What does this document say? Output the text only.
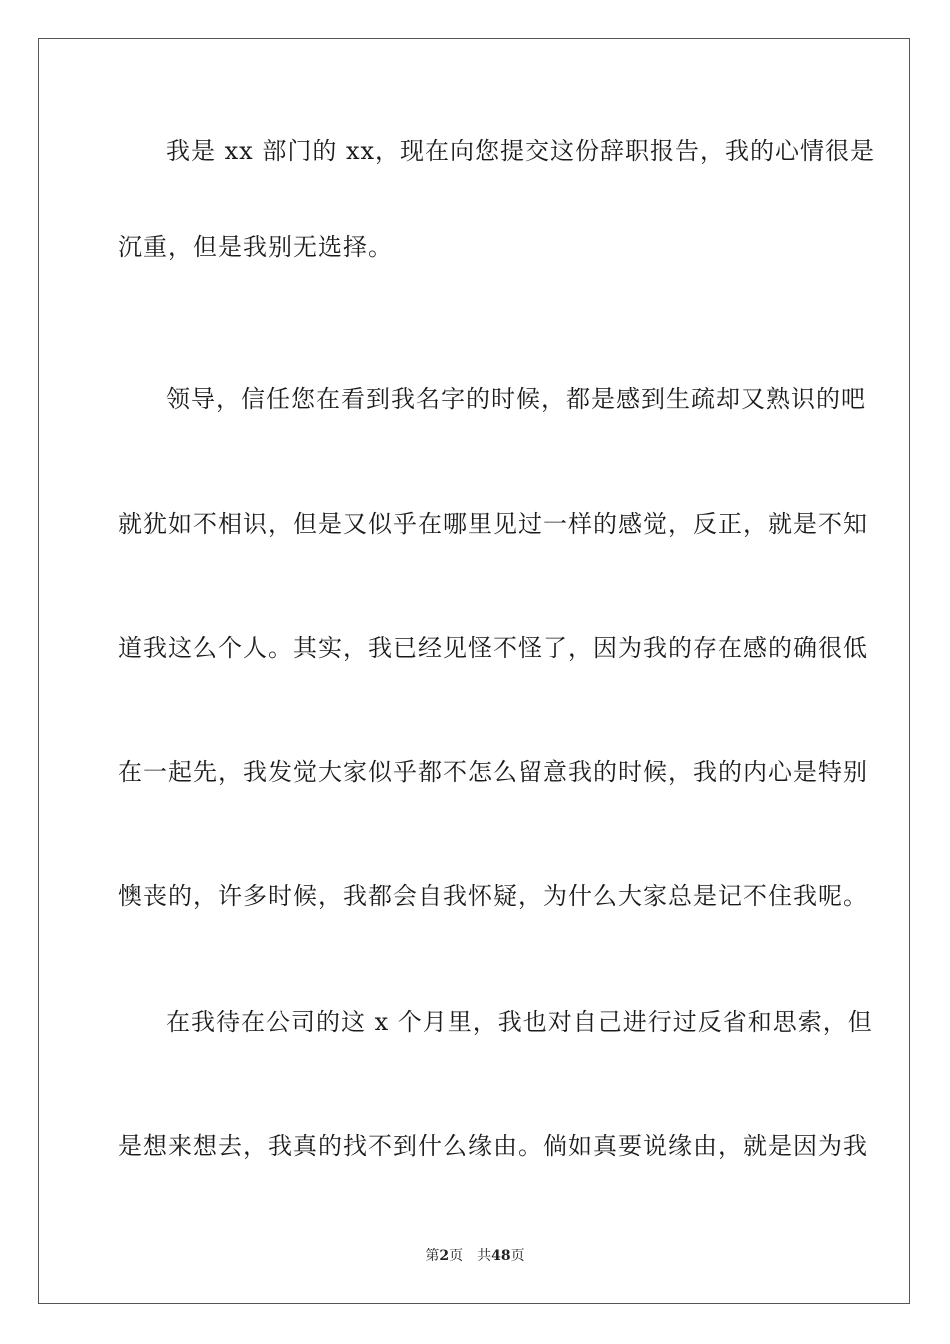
我是 xx 部门的 xx，现在向您提交这份辞职报告，我的心情很是
沉重，但是我别无选择。
领导，信任您在看到我名字的时候，都是感到生疏却又熟识的吧
就犹如不相识，但是又似乎在哪里见过一样的感觉，反正，就是不知
道我这么个人。其实，我已经见怪不怪了，因为我的存在感的确很低
在一起先，我发觉大家似乎都不怎么留意我的时候，我的内心是特别
懊丧的，许多时候，我都会自我怀疑，为什么大家总是记不住我呢。
在我待在公司的这 x 个月里，我也对自己进行过反省和思索，但
是想来想去，我真的找不到什么缘由。倘如真要说缘由，就是因为我
第2页 共48页
